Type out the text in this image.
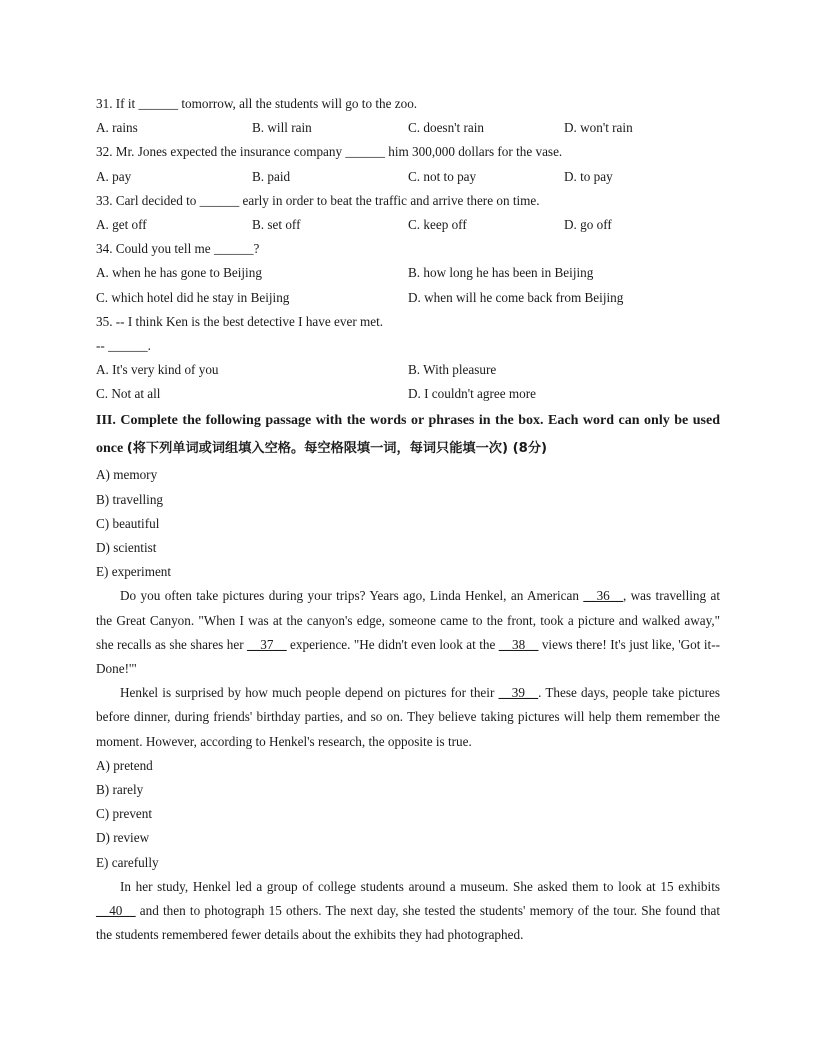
31. If it ______ tomorrow, all the students will go to the zoo.
A. rains	B. will rain	C. doesn't rain	D. won't rain
32. Mr. Jones expected the insurance company ______ him 300,000 dollars for the vase.
A. pay	B. paid	C. not to pay	D. to pay
33. Carl decided to ______ early in order to beat the traffic and arrive there on time.
A. get off	B. set off	C. keep off	D. go off
34. Could you tell me ______?
A. when he has gone to Beijing	B. how long he has been in Beijing
C. which hotel did he stay in Beijing	D. when will he come back from Beijing
35. -- I think Ken is the best detective I have ever met.
-- ______.
A. It's very kind of you	B. With pleasure
C. Not at all	D. I couldn't agree more
III. Complete the following passage with the words or phrases in the box. Each word can only be used once (将下列单词或词组填入空格。每空格限填一词，每词只能填一次) (8分)
A) memory
B) travelling
C) beautiful
D) scientist
E) experiment

Do you often take pictures during your trips? Years ago, Linda Henkel, an American __36__, was travelling at the Great Canyon. "When I was at the canyon's edge, someone came to the front, took a picture and walked away," she recalls as she shares her __37__ experience. "He didn't even look at the __38__ views there! It's just like, 'Got it--Done!'"

Henkel is surprised by how much people depend on pictures for their __39__. These days, people take pictures before dinner, during friends' birthday parties, and so on. They believe taking pictures will help them remember the moment. However, according to Henkel's research, the opposite is true.

A) pretend
B) rarely
C) prevent
D) review
E) carefully

In her study, Henkel led a group of college students around a museum. She asked them to look at 15 exhibits __40__ and then to photograph 15 others. The next day, she tested the students' memory of the tour. She found that the students remembered fewer details about the exhibits they had photographed.
